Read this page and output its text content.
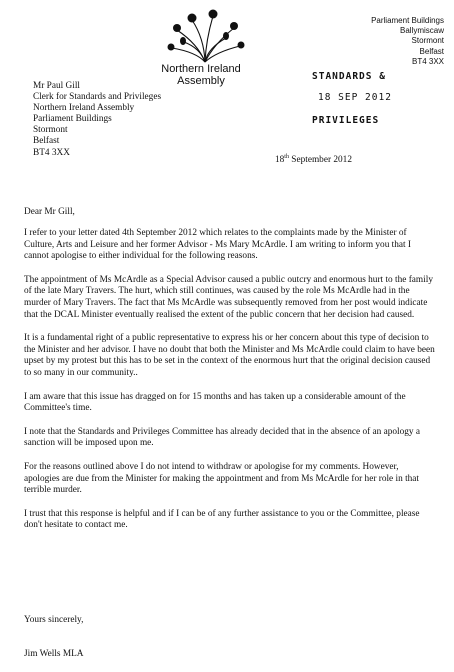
Northern Ireland
Assembly
Parliament Buildings
Ballymiscaw
Stormont
Belfast
BT4 3XX
STANDARDS &
18 SEP 2012
PRIVILEGES
Mr Paul Gill
Clerk for Standards and Privileges
Northern Ireland Assembly
Parliament Buildings
Stormont
Belfast
BT4 3XX
18th September 2012
Dear Mr Gill,

I refer to your letter dated 4th September 2012 which relates to the complaints made by the Minister of Culture, Arts and Leisure and her former Advisor - Ms Mary McArdle. I am writing to inform you that I cannot apologise to either individual for the following reasons.

The appointment of Ms McArdle as a Special Advisor caused a public outcry and enormous hurt to the family of the late Mary Travers. The hurt, which still continues, was caused by the role Ms McArdle had in the murder of Mary Travers. The fact that Ms McArdle was subsequently removed from her post would indicate that the DCAL Minister eventually realised the extent of the public concern that her decision had caused.

It is a fundamental right of a public representative to express his or her concern about this type of decision to the Minister and her advisor. I have no doubt that both the Minister and Ms McArdle could claim to have been upset by my protest but this has to be set in the context of the enormous hurt that the original decision caused to so many in our community..

I am aware that this issue has dragged on for 15 months and has taken up a considerable amount of the Committee's time.

I note that the Standards and Privileges Committee has already decided that in the absence of an apology a sanction will be imposed upon me.

For the reasons outlined above I do not intend to withdraw or apologise for my comments. However, apologies are due from the Minister for making the appointment and from Ms McArdle for her role in that terrible murder.

I trust that this response is helpful and if I can be of any further assistance to you or the Committee, please don't hesitate to contact me.

Yours sincerely,
Jim Wells MLA
